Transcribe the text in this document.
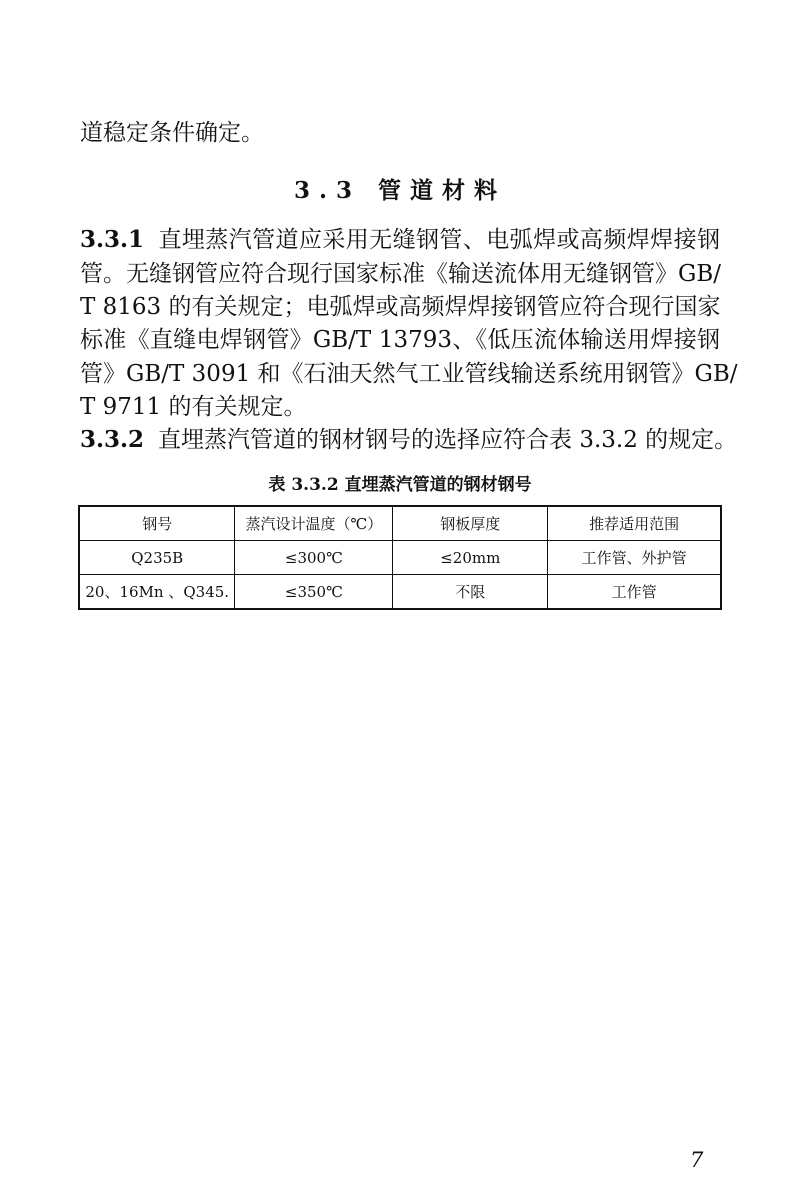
道稳定条件确定。
3.3 管道材料
3.3.1 直埋蒸汽管道应采用无缝钢管、电弧焊或高频焊焊接钢
管。无缝钢管应符合现行国家标准《输送流体用无缝钢管》GB/
T 8163 的有关规定；电弧焊或高频焊焊接钢管应符合现行国家
标准《直缝电焊钢管》GB/T 13793、《低压流体输送用焊接钢
管》GB/T 3091 和《石油天然气工业管线输送系统用钢管》GB/
T 9711 的有关规定。
3.3.2 直埋蒸汽管道的钢材钢号的选择应符合表 3.3.2 的规定。
表 3.3.2 直埋蒸汽管道的钢材钢号
钢号	蒸汽设计温度（℃）	钢板厚度	推荐适用范围
Q235B	≤300℃	≤20mm	工作管、外护管
20、16Mn 、Q345.	≤350℃	不限	工作管
7
